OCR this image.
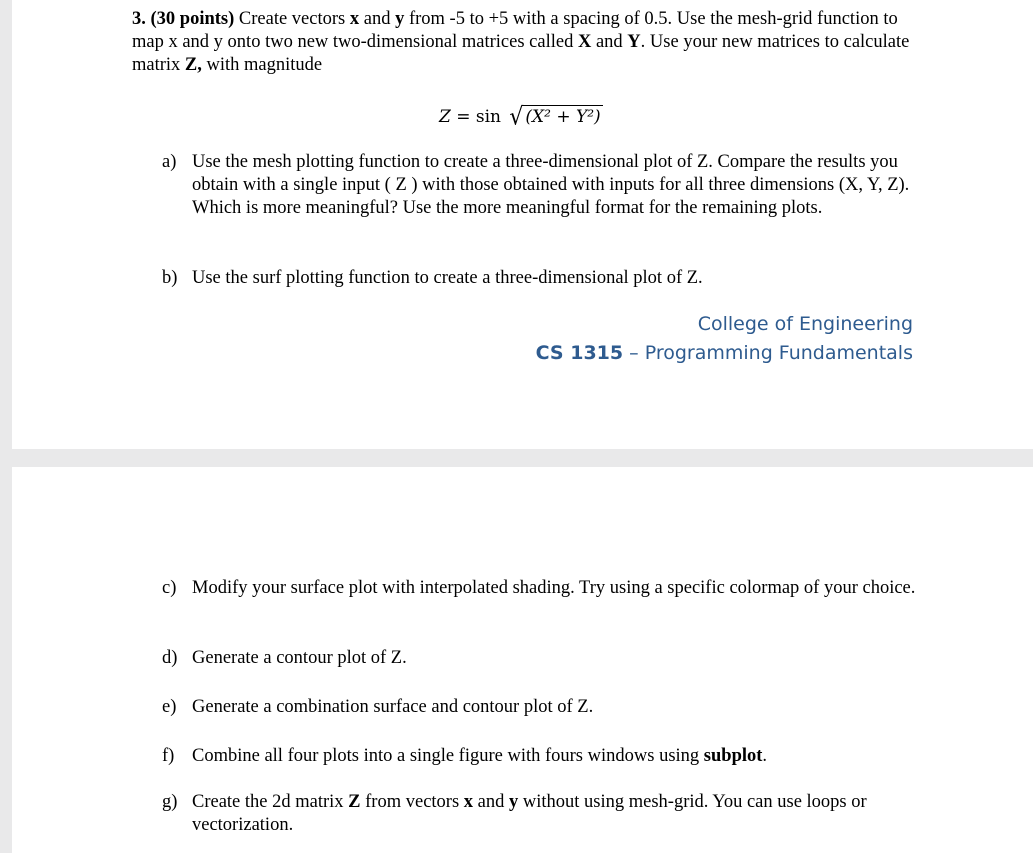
3. (30 points) Create vectors x and y from -5 to +5 with a spacing of 0.5. Use the mesh-grid function to map x and y onto two new two-dimensional matrices called X and Y. Use your new matrices to calculate matrix Z, with magnitude
Z = sin √ (X² + Y²)
a) Use the mesh plotting function to create a three-dimensional plot of Z. Compare the results you obtain with a single input ( Z ) with those obtained with inputs for all three dimensions (X, Y, Z). Which is more meaningful? Use the more meaningful format for the remaining plots.
b) Use the surf plotting function to create a three-dimensional plot of Z.
College of Engineering
CS 1315 – Programming Fundamentals
c) Modify your surface plot with interpolated shading. Try using a specific colormap of your choice.
d) Generate a contour plot of Z.
e) Generate a combination surface and contour plot of Z.
f) Combine all four plots into a single figure with fours windows using subplot.
g) Create the 2d matrix Z from vectors x and y without using mesh-grid. You can use loops or vectorization.
